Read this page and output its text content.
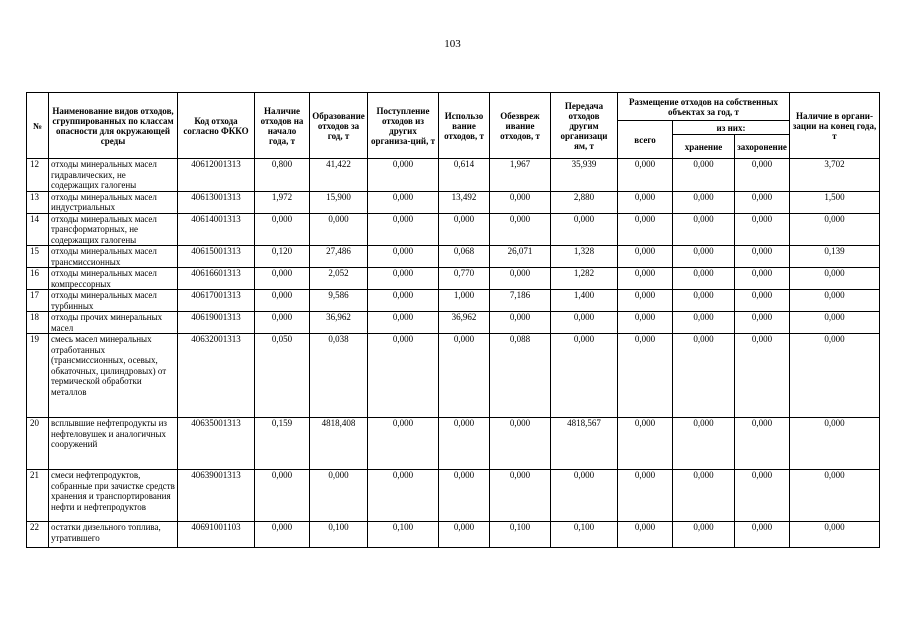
103
№	Наименование видов отходов, сгруппированных по классам опасности для окружающей среды	Код отхода согласно ФККО	Наличие отходов на начало года, т	Образование отходов за год, т	Поступление отходов из других организа-ций, т	Использо вание отходов, т	Обезвреж ивание отходов, т	Передача отходов другим организаци ям, т	Размещение отходов на собственных объектах за год, т			Наличие в органи-зации на конец года, т
									всего	из них:		
										хранение	захоронение	
12	отходы минеральных масел гидравлических, не содержащих галогены	40612001313	0,800	41,422	0,000	0,614	1,967	35,939	0,000	0,000	0,000	3,702
13	отходы минеральных масел индустриальных	40613001313	1,972	15,900	0,000	13,492	0,000	2,880	0,000	0,000	0,000	1,500
14	отходы минеральных масел трансформаторных, не содержащих галогены	40614001313	0,000	0,000	0,000	0,000	0,000	0,000	0,000	0,000	0,000	0,000
15	отходы минеральных масел трансмиссионных	40615001313	0,120	27,486	0,000	0,068	26,071	1,328	0,000	0,000	0,000	0,139
16	отходы минеральных масел компрессорных	40616601313	0,000	2,052	0,000	0,770	0,000	1,282	0,000	0,000	0,000	0,000
17	отходы минеральных масел турбинных	40617001313	0,000	9,586	0,000	1,000	7,186	1,400	0,000	0,000	0,000	0,000
18	отходы прочих минеральных масел	40619001313	0,000	36,962	0,000	36,962	0,000	0,000	0,000	0,000	0,000	0,000
19	смесь масел минеральных отработанных (трансмиссионных, осевых, обкаточных, цилиндровых) от термической обработки металлов	40632001313	0,050	0,038	0,000	0,000	0,088	0,000	0,000	0,000	0,000	0,000
20	всплывшие нефтепродукты из нефтеловушек и аналогичных сооружений	40635001313	0,159	4818,408	0,000	0,000	0,000	4818,567	0,000	0,000	0,000	0,000
21	смеси нефтепродуктов, собранные при зачистке средств хранения и транспортирования нефти и нефтепродуктов	40639001313	0,000	0,000	0,000	0,000	0,000	0,000	0,000	0,000	0,000	0,000
22	остатки дизельного топлива, утратившего	40691001103	0,000	0,100	0,100	0,000	0,100	0,100	0,000	0,000	0,000	0,000
